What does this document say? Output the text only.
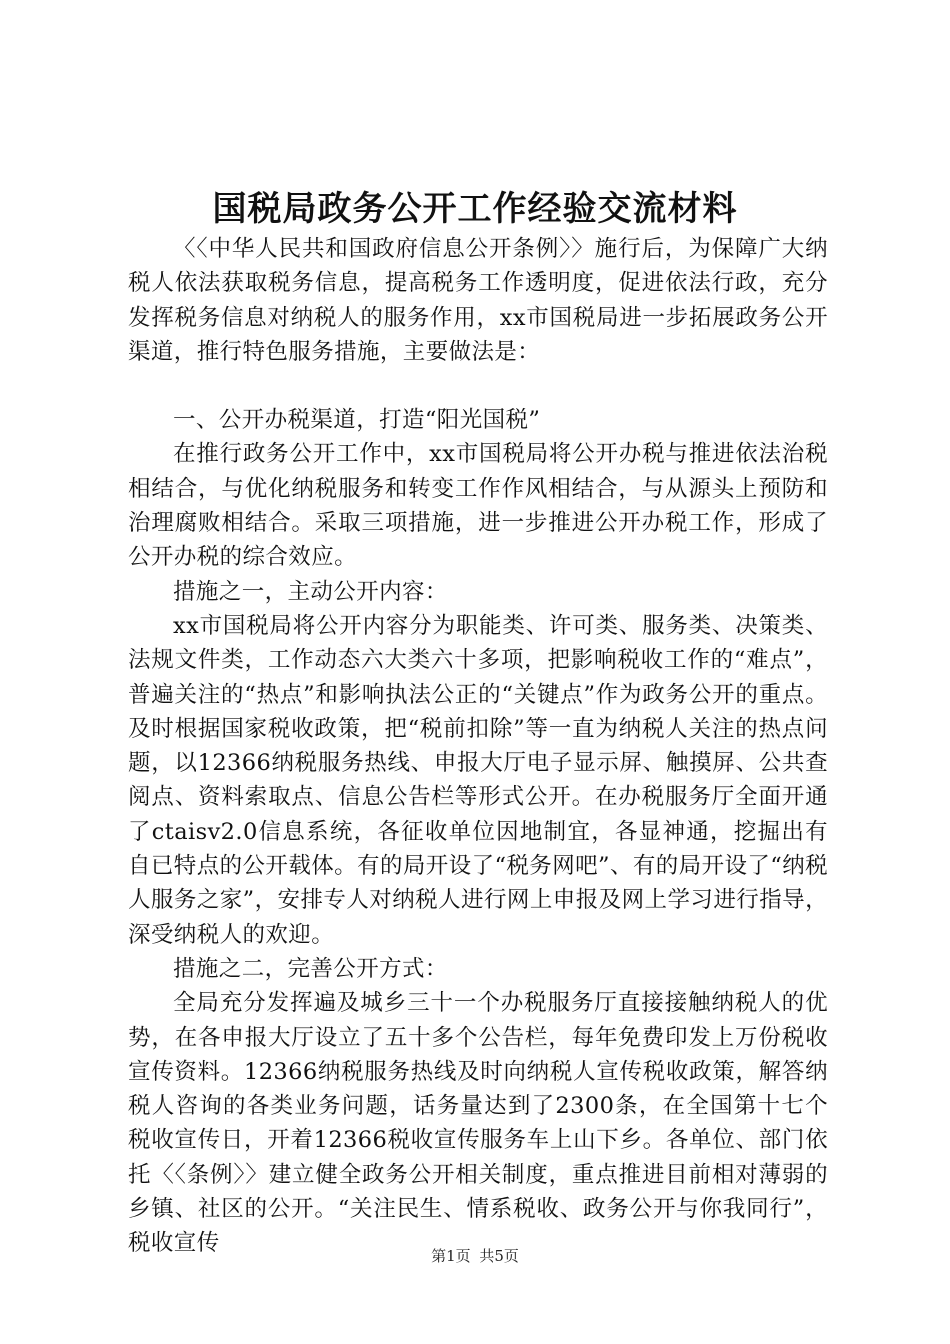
国税局政务公开工作经验交流材料

〈〈中华人民共和国政府信息公开条例〉〉施行后，为保障广大纳税人依法获取税务信息，提高税务工作透明度，促进依法行政，充分发挥税务信息对纳税人的服务作用，xx市国税局进一步拓展政务公开渠道，推行特色服务措施，主要做法是：

一、公开办税渠道，打造“阳光国税”

在推行政务公开工作中，xx市国税局将公开办税与推进依法治税相结合，与优化纳税服务和转变工作作风相结合，与从源头上预防和治理腐败相结合。采取三项措施，进一步推进公开办税工作，形成了公开办税的综合效应。

措施之一，主动公开内容：

xx市国税局将公开内容分为职能类、许可类、服务类、决策类、法规文件类，工作动态六大类六十多项，把影响税收工作的“难点”，普遍关注的“热点”和影响执法公正的“关键点”作为政务公开的重点。及时根据国家税收政策，把“税前扣除”等一直为纳税人关注的热点问题，以12366纳税服务热线、申报大厅电子显示屏、触摸屏、公共查阅点、资料索取点、信息公告栏等形式公开。在办税服务厅全面开通了ctaisv2.0信息系统，各征收单位因地制宜，各显神通，挖掘出有自已特点的公开载体。有的局开设了“税务网吧”、有的局开设了“纳税人服务之家”，安排专人对纳税人进行网上申报及网上学习进行指导，深受纳税人的欢迎。

措施之二，完善公开方式：

全局充分发挥遍及城乡三十一个办税服务厅直接接触纳税人的优势，在各申报大厅设立了五十多个公告栏，每年免费印发上万份税收宣传资料。12366纳税服务热线及时向纳税人宣传税收政策，解答纳税人咨询的各类业务问题，话务量达到了2300条，在全国第十七个税收宣传日，开着12366税收宣传服务车上山下乡。各单位、部门依托〈〈条例〉〉建立健全政务公开相关制度，重点推进目前相对薄弱的乡镇、社区的公开。“关注民生、情系税收、政务公开与你我同行”，税收宣传	第1页 共5页
